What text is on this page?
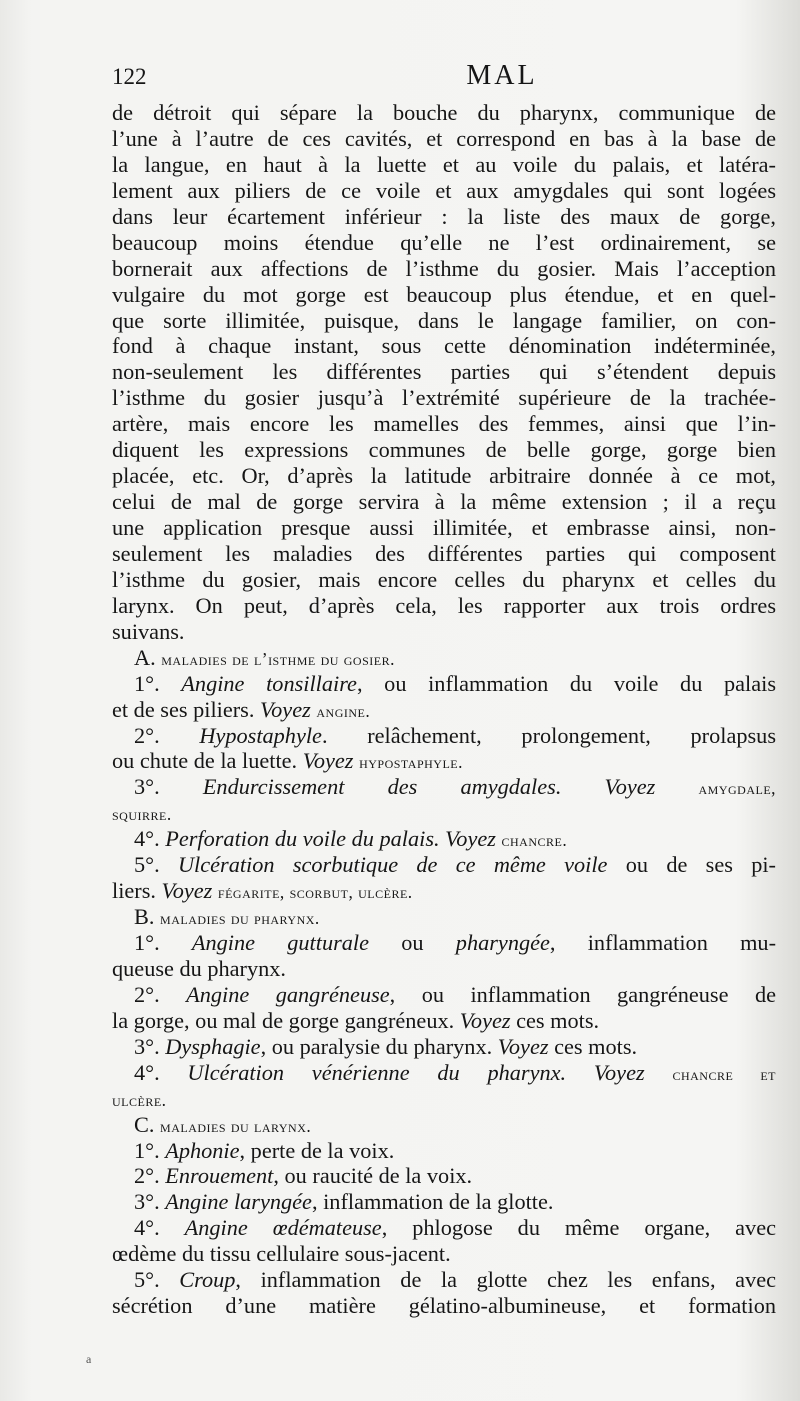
122	MAL
de détroit qui sépare la bouche du pharynx, communique de
l’une à l’autre de ces cavités, et correspond en bas à la base de
la langue, en haut à la luette et au voile du palais, et latéra-
lement aux piliers de ce voile et aux amygdales qui sont logées
dans leur écartement inférieur : la liste des maux de gorge,
beaucoup moins étendue qu’elle ne l’est ordinairement, se
bornerait aux affections de l’isthme du gosier. Mais l’acception
vulgaire du mot gorge est beaucoup plus étendue, et en quel-
que sorte illimitée, puisque, dans le langage familier, on con-
fond à chaque instant, sous cette dénomination indéterminée,
non-seulement les différentes parties qui s’étendent depuis
l’isthme du gosier jusqu’à l’extrémité supérieure de la trachée-
artère, mais encore les mamelles des femmes, ainsi que l’in-
diquent les expressions communes de belle gorge, gorge bien
placée, etc. Or, d’après la latitude arbitraire donnée à ce mot,
celui de mal de gorge servira à la même extension ; il a reçu
une application presque aussi illimitée, et embrasse ainsi, non-
seulement les maladies des différentes parties qui composent
l’isthme du gosier, mais encore celles du pharynx et celles du
larynx. On peut, d’après cela, les rapporter aux trois ordres
suivans.
A. maladies de l’isthme du gosier.
1°. Angine tonsillaire, ou inflammation du voile du palais
et de ses piliers. Voyez angine.
2°. Hypostaphyle. relâchement, prolongement, prolapsus
ou chute de la luette. Voyez hypostaphyle.
3°. Endurcissement des amygdales. Voyez amygdale,
squirre.
4°. Perforation du voile du palais. Voyez chancre.
5°. Ulcération scorbutique de ce même voile ou de ses pi-
liers. Voyez fégarite, scorbut, ulcère.
B. maladies du pharynx.
1°. Angine gutturale ou pharyngée, inflammation mu-
queuse du pharynx.
2°. Angine gangréneuse, ou inflammation gangréneuse de
la gorge, ou mal de gorge gangréneux. Voyez ces mots.
3°. Dysphagie, ou paralysie du pharynx. Voyez ces mots.
4°. Ulcération vénérienne du pharynx. Voyez chancre et
ulcère.
C. maladies du larynx.
1°. Aphonie, perte de la voix.
2°. Enrouement, ou raucité de la voix.
3°. Angine laryngée, inflammation de la glotte.
4°. Angine œdémateuse, phlogose du même organe, avec
œdème du tissu cellulaire sous-jacent.
5°. Croup, inflammation de la glotte chez les enfans, avec
sécrétion d’une matière gélatino-albumineuse, et formation
a
